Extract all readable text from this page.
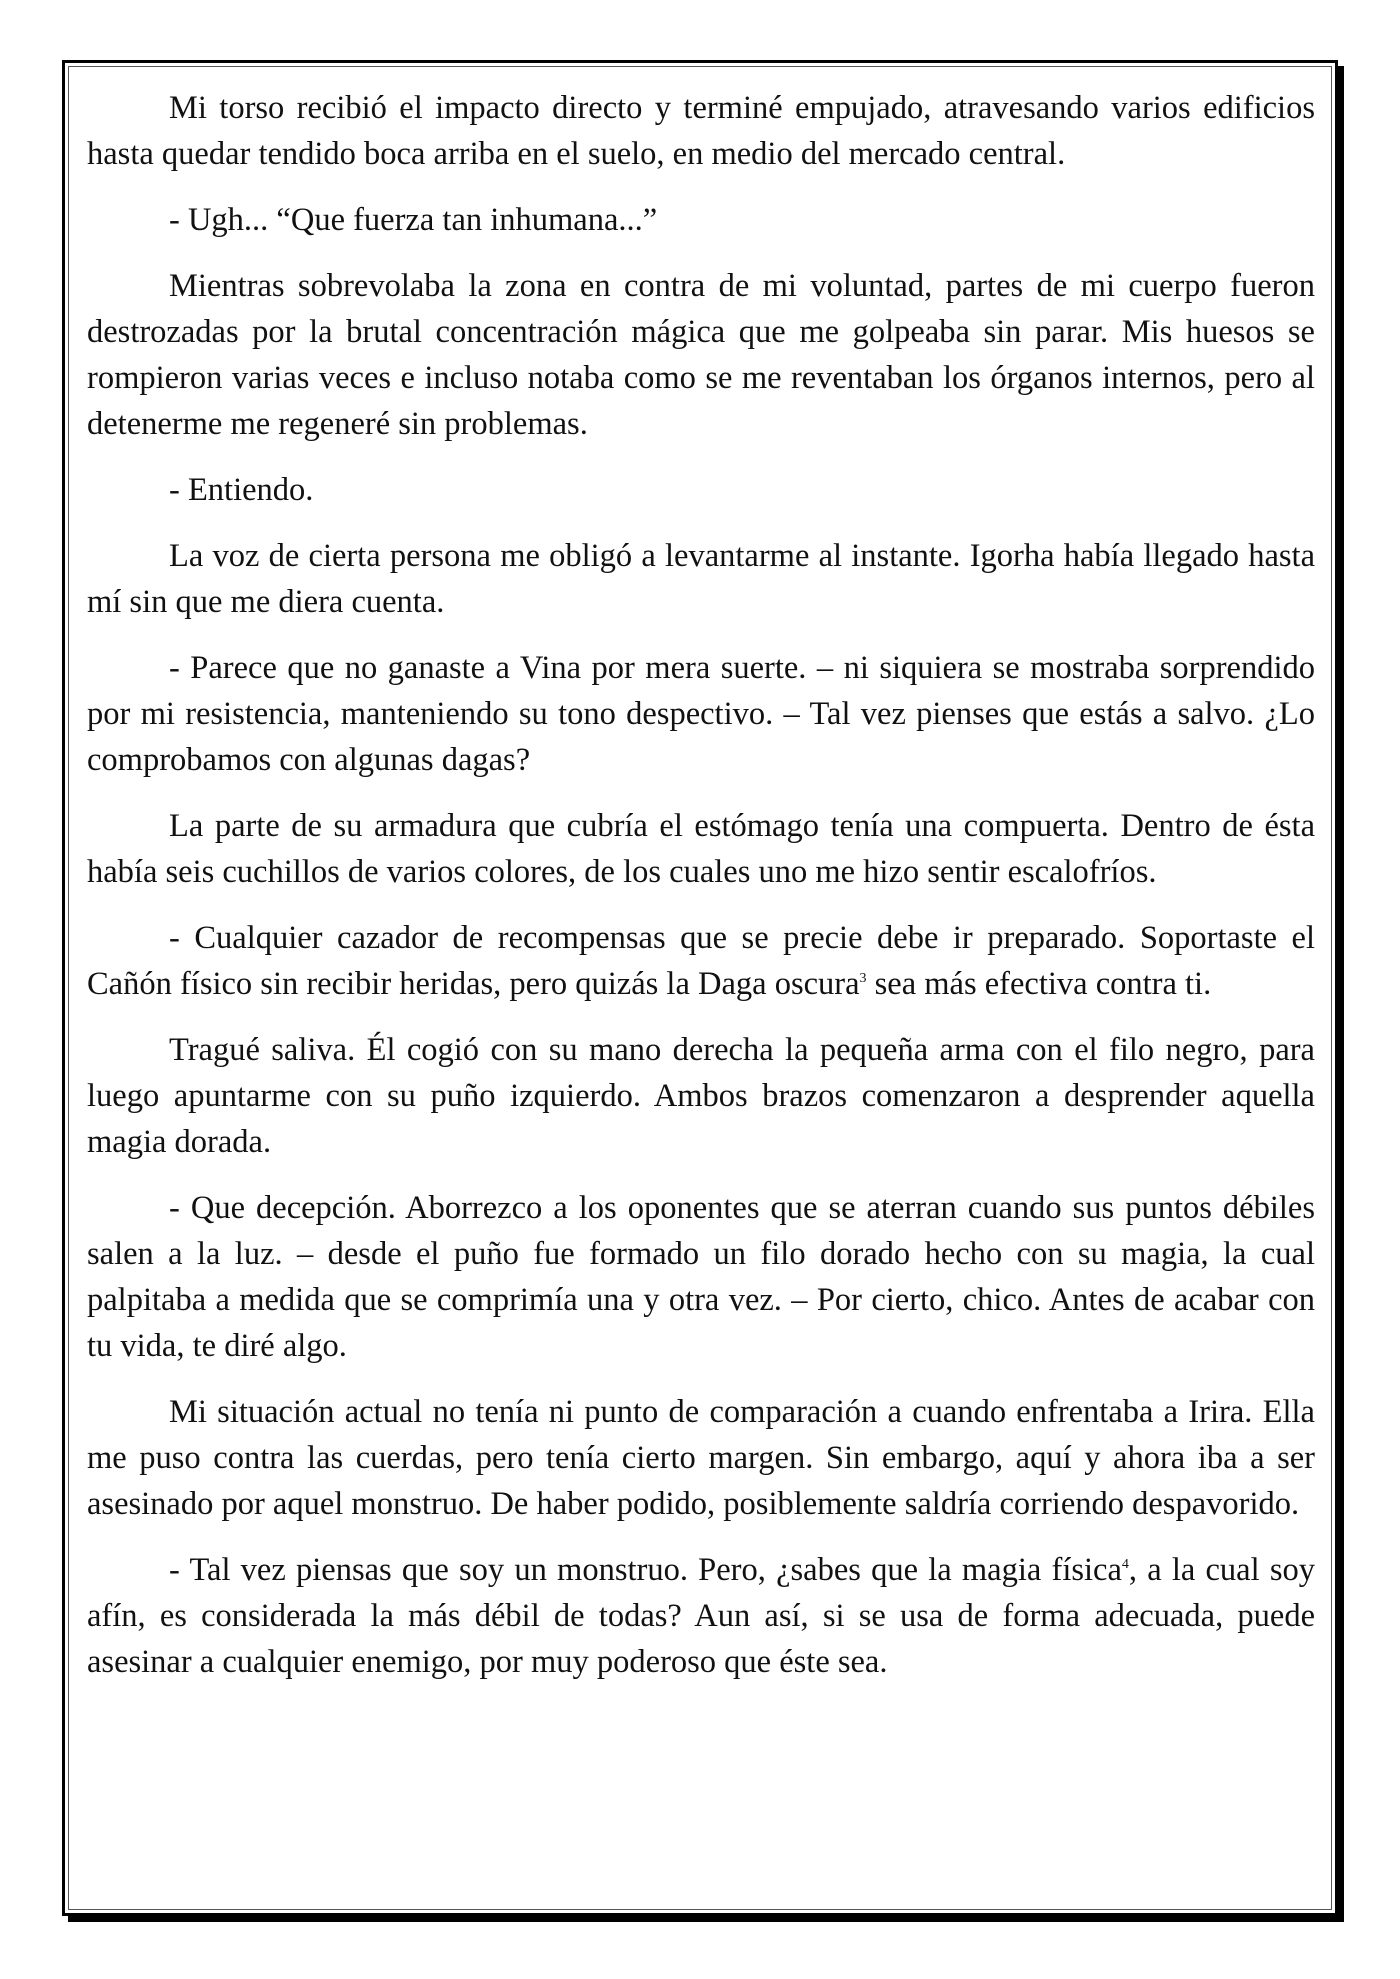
Mi torso recibió el impacto directo y terminé empujado, atravesando varios edificios hasta quedar tendido boca arriba en el suelo, en medio del mercado central.

- Ugh... “Que fuerza tan inhumana...”

Mientras sobrevolaba la zona en contra de mi voluntad, partes de mi cuerpo fueron destrozadas por la brutal concentración mágica que me golpeaba sin parar. Mis huesos se rompieron varias veces e incluso notaba como se me reventaban los órganos internos, pero al detenerme me regeneré sin problemas.

- Entiendo.

La voz de cierta persona me obligó a levantarme al instante. Igorha había llegado hasta mí sin que me diera cuenta.

- Parece que no ganaste a Vina por mera suerte. – ni siquiera se mostraba sorprendido por mi resistencia, manteniendo su tono despectivo. – Tal vez pienses que estás a salvo. ¿Lo comprobamos con algunas dagas?

La parte de su armadura que cubría el estómago tenía una compuerta. Dentro de ésta había seis cuchillos de varios colores, de los cuales uno me hizo sentir escalofríos.

- Cualquier cazador de recompensas que se precie debe ir preparado. Soportaste el Cañón físico sin recibir heridas, pero quizás la Daga oscura$^3$ sea más efectiva contra ti.

Tragué saliva. Él cogió con su mano derecha la pequeña arma con el filo negro, para luego apuntarme con su puño izquierdo. Ambos brazos comenzaron a desprender aquella magia dorada.

- Que decepción. Aborrezco a los oponentes que se aterran cuando sus puntos débiles salen a la luz. – desde el puño fue formado un filo dorado hecho con su magia, la cual palpitaba a medida que se comprimía una y otra vez. – Por cierto, chico. Antes de acabar con tu vida, te diré algo.

Mi situación actual no tenía ni punto de comparación a cuando enfrentaba a Irira. Ella me puso contra las cuerdas, pero tenía cierto margen. Sin embargo, aquí y ahora iba a ser asesinado por aquel monstruo. De haber podido, posiblemente saldría corriendo despavorido.

- Tal vez piensas que soy un monstruo. Pero, ¿sabes que la magia física$^4$, a la cual soy afín, es considerada la más débil de todas? Aun así, si se usa de forma adecuada, puede asesinar a cualquier enemigo, por muy poderoso que éste sea.
